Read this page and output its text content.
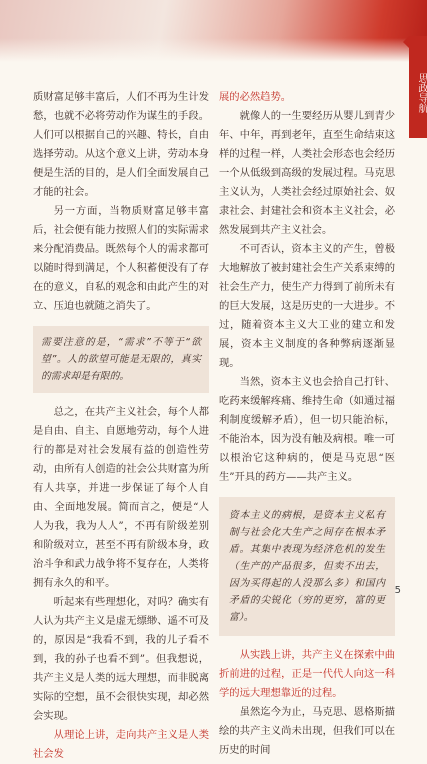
思政导航

质财富足够丰富后，人们不再为生计发愁，也就不必将劳动作为谋生的手段。人们可以根据自己的兴趣、特长，自由选择劳动。从这个意义上讲，劳动本身便是生活的目的，是人们全面发展自己才能的社会。

另一方面，当物质财富足够丰富后，社会便有能力按照人们的实际需求来分配消费品。既然每个人的需求都可以随时得到满足，个人积蓄便没有了存在的意义，自私的观念和由此产生的对立、压迫也就随之消失了。

需要注意的是，“需求”不等于“欲望”。人的欲望可能是无限的，真实的需求却是有限的。

总之，在共产主义社会，每个人都是自由、自主、自愿地劳动，每个人进行的都是对社会发展有益的创造性劳动，由所有人创造的社会公共财富为所有人共享，并进一步保证了每个人自由、全面地发展。简而言之，便是“人人为我，我为人人”，不再有阶级差别和阶级对立，甚至不再有阶级本身，政治斗争和武力战争将不复存在，人类将拥有永久的和平。

听起来有些理想化，对吗？确实有人认为共产主义是虚无缥缈、遥不可及的，原因是“我看不到，我的儿子看不到，我的孙子也看不到”。但我想说，共产主义是人类的远大理想，而非脱离实际的空想，虽不会很快实现，却必然会实现。

从理论上讲，走向共产主义是人类社会发

展的必然趋势。

就像人的一生要经历从婴儿到青少年、中年，再到老年，直至生命结束这样的过程一样，人类社会形态也会经历一个从低级到高级的发展过程。马克思主义认为，人类社会经过原始社会、奴隶社会、封建社会和资本主义社会，必然发展到共产主义社会。

不可否认，资本主义的产生，曾极大地解放了被封建社会生产关系束缚的社会生产力，使生产力得到了前所未有的巨大发展，这是历史的一大进步。不过，随着资本主义大工业的建立和发展，资本主义制度的各种弊病逐渐显现。

当然，资本主义也会拾自己打针、吃药来缓解疼痛、维持生命（如通过福利制度缓解矛盾），但一切只能治标，不能治本，因为没有触及病根。唯一可以根治它这种病的，便是马克思“医生”开具的药方——共产主义。

资本主义的病根，是资本主义私有制与社会化大生产之间存在根本矛盾。其集中表现为经济危机的发生（生产的产品很多，但卖不出去，因为买得起的人没那么多）和国内矛盾的尖锐化（穷的更穷，富的更富）。

从实践上讲，共产主义在探索中曲折前进的过程，正是一代代人向这一科学的远大理想靠近的过程。

虽然迄今为止，马克思、恩格斯描绘的共产主义尚未出现，但我们可以在历史的时间

5
